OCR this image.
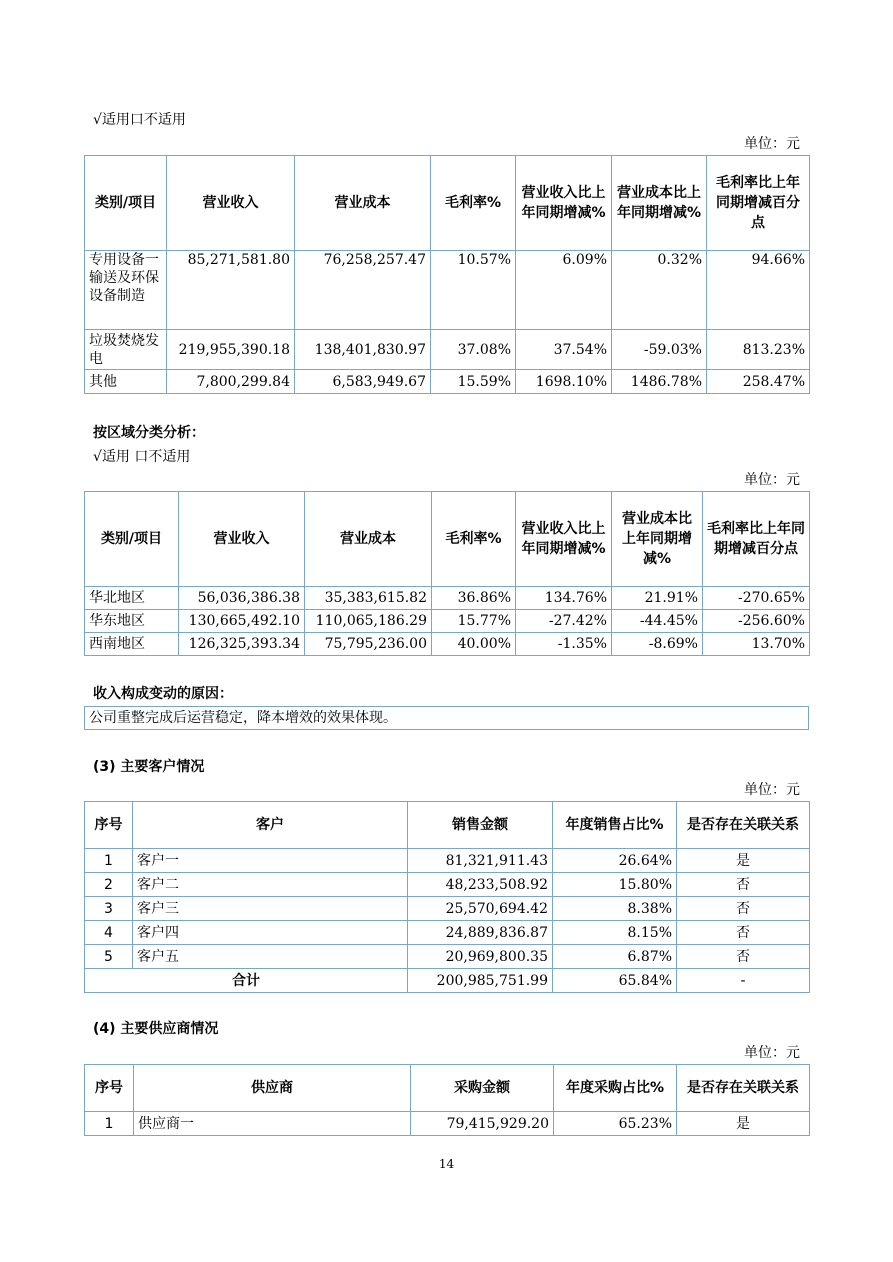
√适用口不适用
单位：元
类别/项目	营业收入	营业成本	毛利率%	营业收入比上年同期增减%	营业成本比上年同期增减%	毛利率比上年同期增减百分点
专用设备一输送及环保设备制造	85,271,581.80	76,258,257.47	10.57%	6.09%	0.32%	94.66%
垃圾焚烧发电	219,955,390.18	138,401,830.97	37.08%	37.54%	-59.03%	813.23%
其他	7,800,299.84	6,583,949.67	15.59%	1698.10%	1486.78%	258.47%
按区域分类分析：
√适用 口不适用
单位：元
类别/项目	营业收入	营业成本	毛利率%	营业收入比上年同期增减%	营业成本比上年同期增减%	毛利率比上年同期增减百分点
华北地区	56,036,386.38	35,383,615.82	36.86%	134.76%	21.91%	-270.65%
华东地区	130,665,492.10	110,065,186.29	15.77%	-27.42%	-44.45%	-256.60%
西南地区	126,325,393.34	75,795,236.00	40.00%	-1.35%	-8.69%	13.70%
收入构成变动的原因：
公司重整完成后运营稳定，降本增效的效果体现。
(3) 主要客户情况
单位：元
序号	客户	销售金额	年度销售占比%	是否存在关联关系
1	客户一	81,321,911.43	26.64%	是
2	客户二	48,233,508.92	15.80%	否
3	客户三	25,570,694.42	8.38%	否
4	客户四	24,889,836.87	8.15%	否
5	客户五	20,969,800.35	6.87%	否
合计		200,985,751.99	65.84%	-
(4) 主要供应商情况
单位：元
序号	供应商	采购金额	年度采购占比%	是否存在关联关系
1	供应商一	79,415,929.20	65.23%	是
14
